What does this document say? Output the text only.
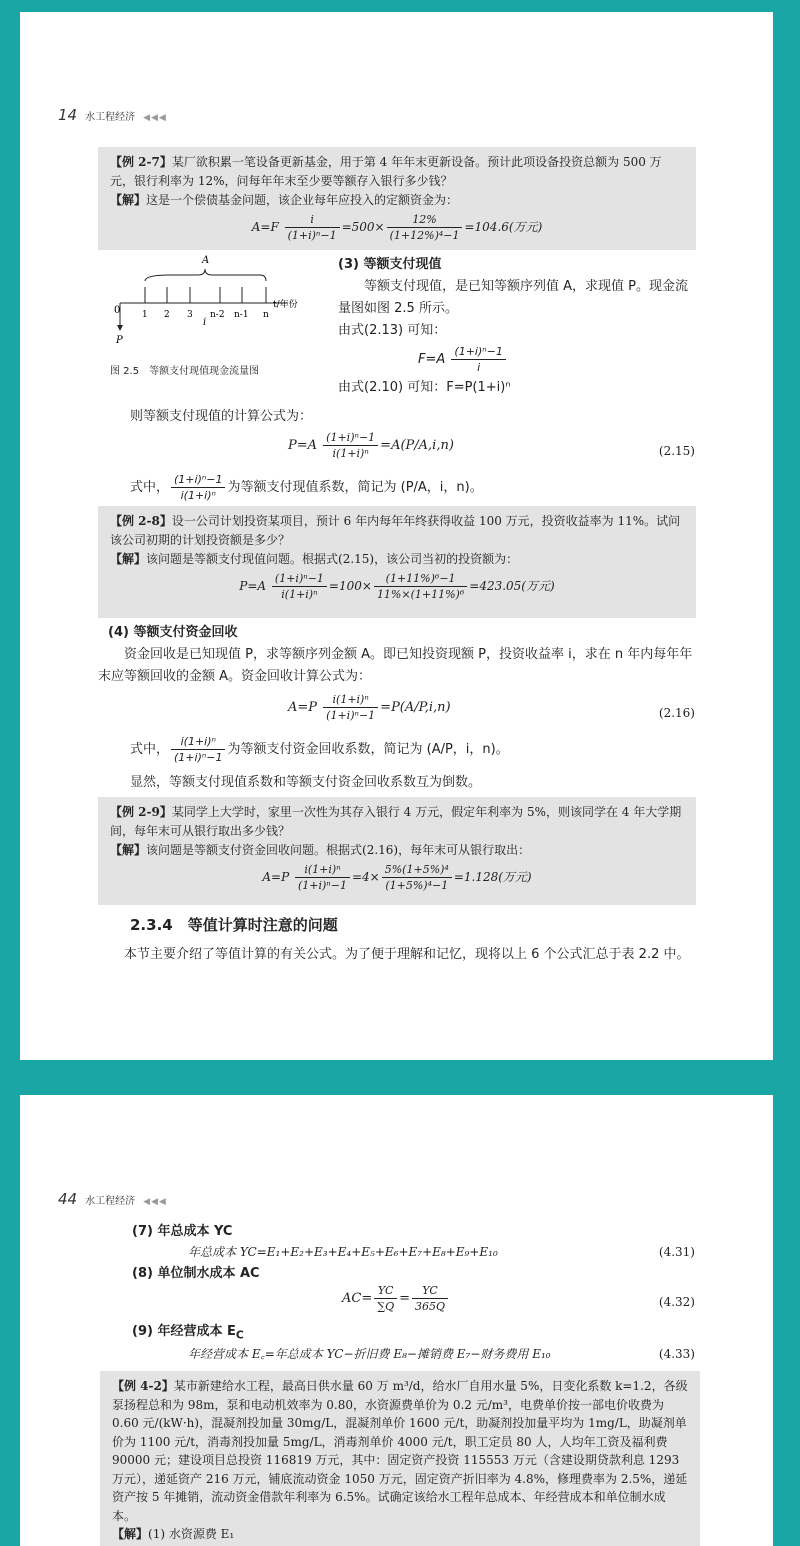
14 水工程经济 ◀◀◀

【例 2-7】某厂欲积累一笔设备更新基金，用于第 4 年年末更新设备。预计此项设备投资总额为 500 万元，银行利率为 12%，问每年年末至少要等额存入银行多少钱？

【解】这是一个偿债基金问题，该企业每年应投入的定额资金为：

$A=F \frac{i}{\text{(1+i)ⁿ−1}} =500\times \frac{12\%}{\text{(1+12\%)⁴−1}} =104.6$(万元)
A
0
P
i
1 2 3 n-2 n-1 n
t/年份
图 2.5　等额支付现值现金流量图
(3) 等额支付现值
等额支付现值，是已知等额序列值 A，求现值 P。现金流量图如图 2.5 所示。
由式(2.13) 可知：
$F=A \frac{\text{(1+i)ⁿ−1}}{i}$
由式(2.10) 可知：F=P(1+i)ⁿ
则等额支付现值的计算公式为：
$P=A \frac{\text{(1+i)ⁿ−1}}{\text{i(1+i)ⁿ}} =A(P/A,i,n)$	(2.15)
式中， $\frac{\text{(1+i)ⁿ−1}}{\text{i(1+i)ⁿ}}$ 为等额支付现值系数，简记为 (P/A，i，n)。

【例 2-8】设一公司计划投资某项目，预计 6 年内每年年终获得收益 100 万元，投资收益率为 11%。试问该公司初期的计划投资额是多少？

【解】该问题是等额支付现值问题。根据式(2.15)，该公司当初的投资额为：

$P=A \frac{\text{(1+i)ⁿ−1}}{\text{i(1+i)ⁿ}} =100\times \frac{\text{(1+11\%)⁶−1}}{\text{11\%×(1+11\%)⁶}} =423.05$(万元)
(4) 等额支付资金回收
资金回收是已知现值 P，求等额序列金额 A。即已知投资现额 P，投资收益率 i，求在 n 年内每年年末应等额回收的金额 A。资金回收计算公式为：
$A=P \frac{\text{i(1+i)ⁿ}}{\text{(1+i)ⁿ−1}} =P(A/P,i,n)$	(2.16)
式中， $\frac{\text{i(1+i)ⁿ}}{\text{(1+i)ⁿ−1}}$ 为等额支付资金回收系数，简记为 (A/P，i，n)。
显然，等额支付现值系数和等额支付资金回收系数互为倒数。

【例 2-9】某同学上大学时，家里一次性为其存入银行 4 万元，假定年利率为 5%，则该同学在 4 年大学期间，每年末可从银行取出多少钱？

【解】该问题是等额支付资金回收问题。根据式(2.16)，每年末可从银行取出：

$A=P \frac{\text{i(1+i)ⁿ}}{\text{(1+i)ⁿ−1}} =4\times \frac{\text{5\%(1+5\%)⁴}}{\text{(1+5\%)⁴−1}} =1.128$(万元)
2.3.4　等值计算时注意的问题
本节主要介绍了等值计算的有关公式。为了便于理解和记忆，现将以上 6 个公式汇总于表 2.2 中。
44 水工程经济 ◀◀◀
(7) 年总成本 YC
年总成本 YC=E₁+E₂+E₃+E₄+E₅+E₆+E₇+E₈+E₉+E₁₀	(4.31)
(8) 单位制水成本 AC
$AC= \frac{YC}{\sum Q} = \frac{YC}{365Q}$	(4.32)
(9) 年经营成本 $E_C$
年经营成本 E꜀=年总成本 YC−折旧费 E₈−摊销费 E₇−财务费用 E₁₀	(4.33)

【例 4-2】某市新建给水工程，最高日供水量 60 万 m³/d，给水厂自用水量 5%，日变化系数 k=1.2，各级泵扬程总和为 98m，泵和电动机效率为 0.80，水资源费单价为 0.2 元/m³，电费单价按一部电价收费为 0.60 元/(kW·h)，混凝剂投加量 30mg/L，混凝剂单价 1600 元/t，助凝剂投加量平均为 1mg/L，助凝剂单价为 1100 元/t，消毒剂投加量 5mg/L，消毒剂单价 4000 元/t，职工定员 80 人，人均年工资及福利费 90000 元；建设项目总投资 116819 万元，其中：固定资产投资 115553 万元（含建设期贷款利息 1293 万元），递延资产 216 万元，铺底流动资金 1050 万元，固定资产折旧率为 4.8%，修理费率为 2.5%，递延资产按 5 年摊销，流动资金借款年利率为 6.5%。试确定该给水工程年总成本、年经营成本和单位制水成本。

【解】(1) 水资源费 E₁
